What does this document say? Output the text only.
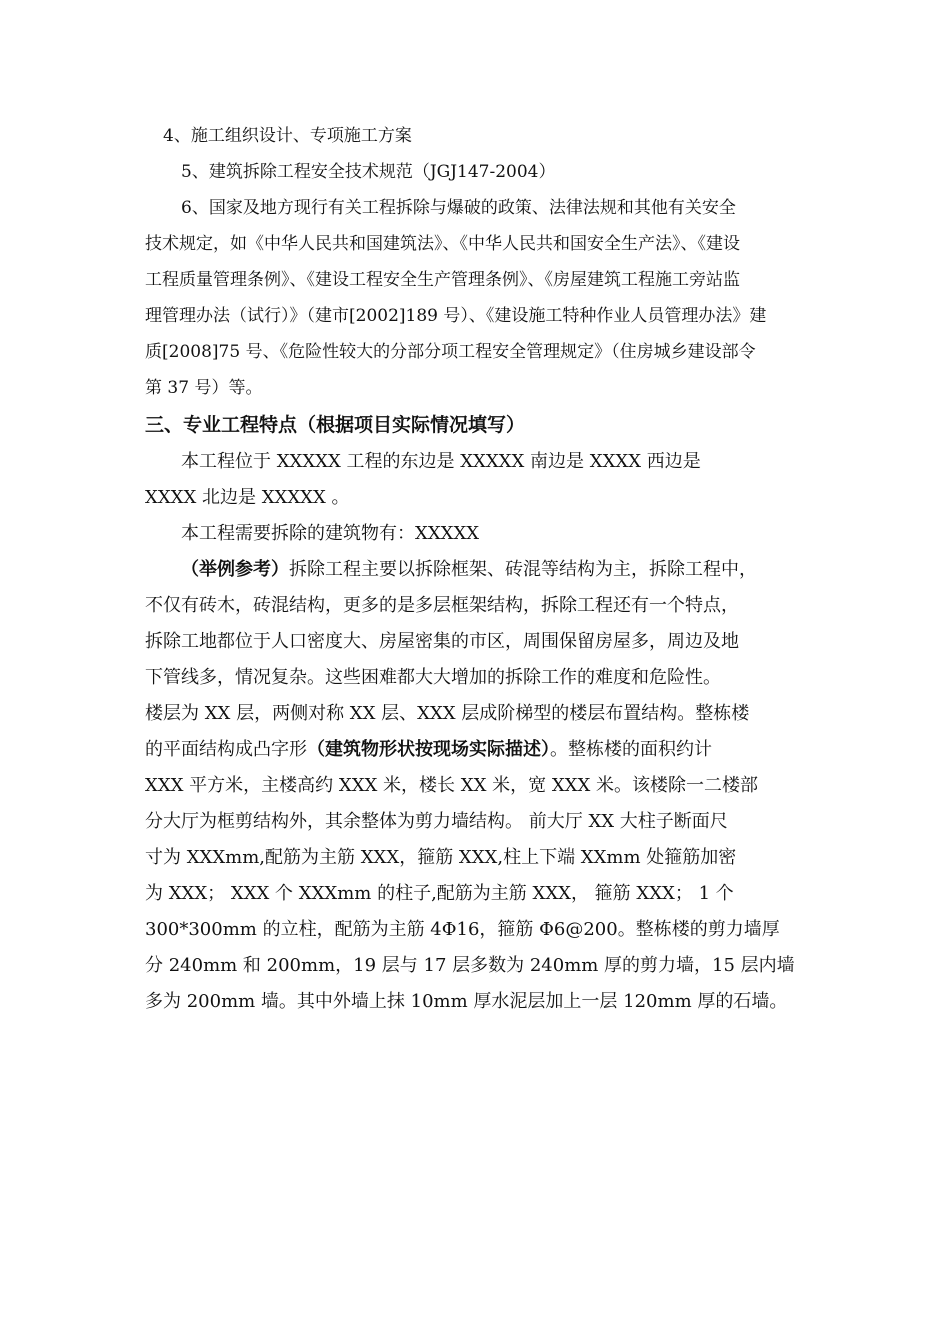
4、施工组织设计、专项施工方案
5、建筑拆除工程安全技术规范（JGJ147-2004）
6、国家及地方现行有关工程拆除与爆破的政策、法律法规和其他有关安全
技术规定，如《中华人民共和国建筑法》、《中华人民共和国安全生产法》、《建设
工程质量管理条例》、《建设工程安全生产管理条例》、《房屋建筑工程施工旁站监
理管理办法（试行）》（建市[2002]189 号）、《建设施工特种作业人员管理办法》建
质[2008]75 号、《危险性较大的分部分项工程安全管理规定》（住房城乡建设部令
第 37 号）等。
三、专业工程特点（根据项目实际情况填写）
本工程位于 XXXXX 工程的东边是 XXXXX 南边是 XXXX 西边是
XXXX 北边是 XXXXX 。
本工程需要拆除的建筑物有：XXXXX
（举例参考）拆除工程主要以拆除框架、砖混等结构为主，拆除工程中，
不仅有砖木，砖混结构，更多的是多层框架结构，拆除工程还有一个特点，
拆除工地都位于人口密度大、房屋密集的市区，周围保留房屋多，周边及地
下管线多，情况复杂。这些困难都大大增加的拆除工作的难度和危险性。
楼层为 XX 层，两侧对称 XX 层、XXX 层成阶梯型的楼层布置结构。整栋楼
的平面结构成凸字形（建筑物形状按现场实际描述）。整栋楼的面积约计
XXX 平方米，主楼高约 XXX 米，楼长 XX 米，宽 XXX 米。该楼除一二楼部
分大厅为框剪结构外，其余整体为剪力墙结构。 前大厅 XX 大柱子断面尺
寸为 XXXmm,配筋为主筋 XXX，箍筋 XXX,柱上下端 XXmm 处箍筋加密
为 XXX； XXX 个 XXXmm 的柱子,配筋为主筋 XXX， 箍筋 XXX； 1 个
300*300mm 的立柱，配筋为主筋 4Φ16，箍筋 Φ6@200。整栋楼的剪力墙厚
分 240mm 和 200mm，19 层与 17 层多数为 240mm 厚的剪力墙，15 层内墙
多为 200mm 墙。其中外墙上抹 10mm 厚水泥层加上一层 120mm 厚的石墙。
